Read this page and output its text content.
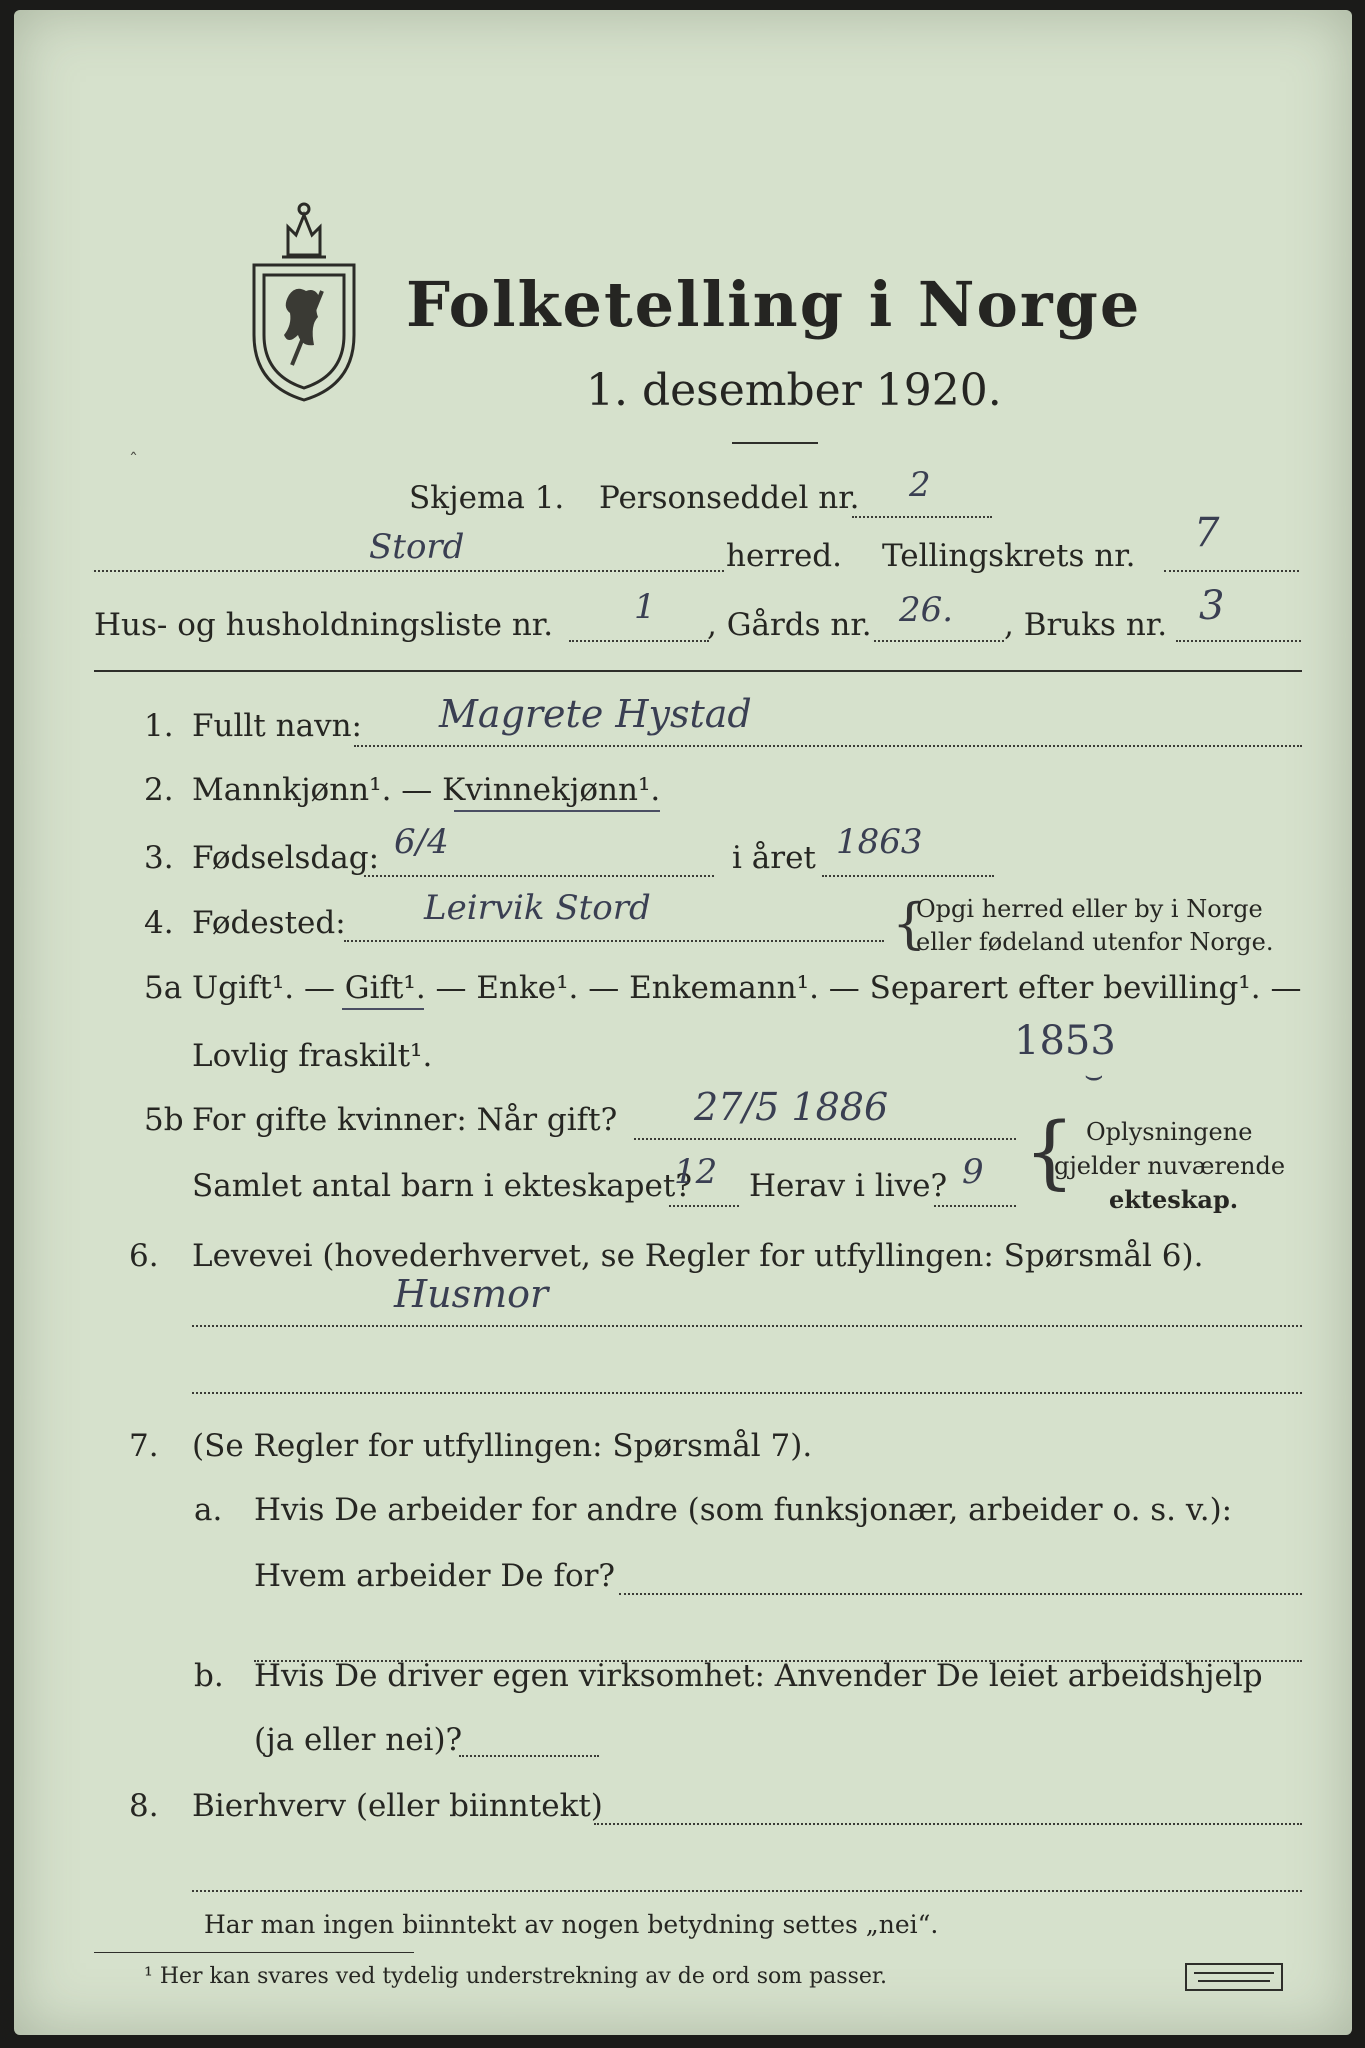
Folketelling i Norge
1. desember 1920.
Skjema 1. Personseddel nr. 2
Stord	herred. Tellingskrets nr. 7
Hus- og husholdningsliste nr. 1 , Gårds nr. 26. , Bruks nr. 3
1. Fullt navn: Magrete Hystad
2. Mannkjønn¹. — Kvinnekjønn¹.
3. Fødselsdag: 6/4	i året 1863
4. Fødested: Leirvik Stord	{
Opgi herred eller by i Norge
eller fødeland utenfor Norge.
5a Ugift¹. — Gift¹. — Enke¹. — Enkemann¹. — Separert efter bevilling¹. —
Lovlig fraskilt¹.	1853
⌣
5b For gifte kvinner: Når gift? 27/5 1886
Samlet antal barn i ekteskapet?
12 Herav i live? 9 { Oplysningene
gjelder nuværende
ekteskap.
6. Levevei (hovederhvervet, se Regler for utfyllingen: Spørsmål 6).
Husmor
7. (Se Regler for utfyllingen: Spørsmål 7).
a. Hvis De arbeider for andre (som funksjonær, arbeider o. s. v.):
Hvem arbeider De for?
b. Hvis De driver egen virksomhet: Anvender De leiet arbeidshjelp
(ja eller nei)?
8. Bierhverv (eller biinntekt)
Har man ingen biinntekt av nogen betydning settes „nei“.
¹ Her kan svares ved tydelig understrekning av de ord som passer.
ˆ
